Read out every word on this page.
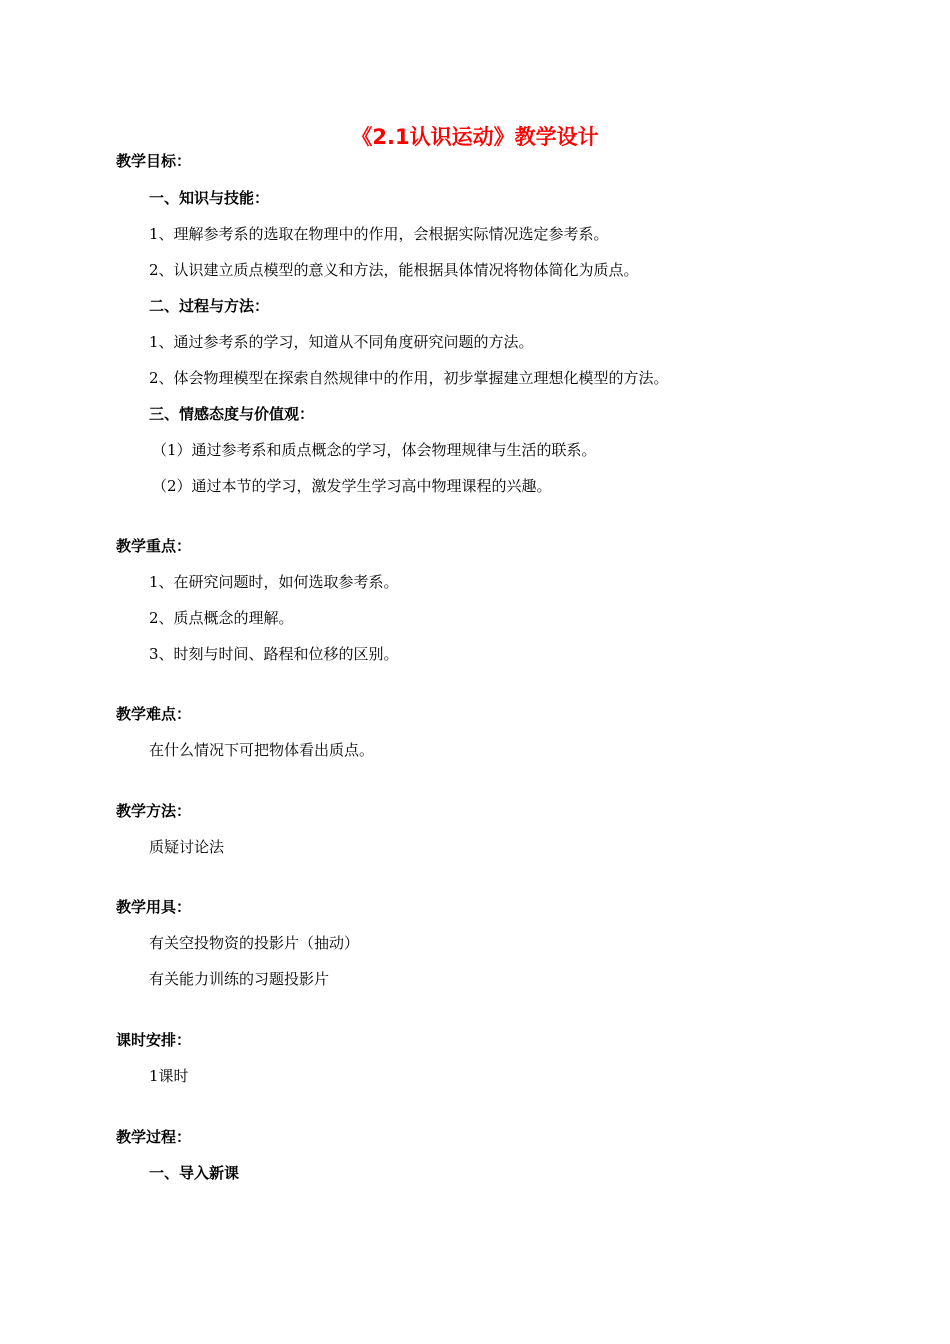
《2.1认识运动》教学设计
教学目标：
一、知识与技能：
1、理解参考系的选取在物理中的作用，会根据实际情况选定参考系。
2、认识建立质点模型的意义和方法，能根据具体情况将物体简化为质点。
二、过程与方法：
1、通过参考系的学习，知道从不同角度研究问题的方法。
2、体会物理模型在探索自然规律中的作用，初步掌握建立理想化模型的方法。
三、情感态度与价值观：
（1）通过参考系和质点概念的学习，体会物理规律与生活的联系。
（2）通过本节的学习，激发学生学习高中物理课程的兴趣。
教学重点：
1、在研究问题时，如何选取参考系。
2、质点概念的理解。
3、时刻与时间、路程和位移的区别。
教学难点：
在什么情况下可把物体看出质点。
教学方法：
质疑讨论法
教学用具：
有关空投物资的投影片（抽动）
有关能力训练的习题投影片
课时安排：
1课时
教学过程：
一、导入新课
